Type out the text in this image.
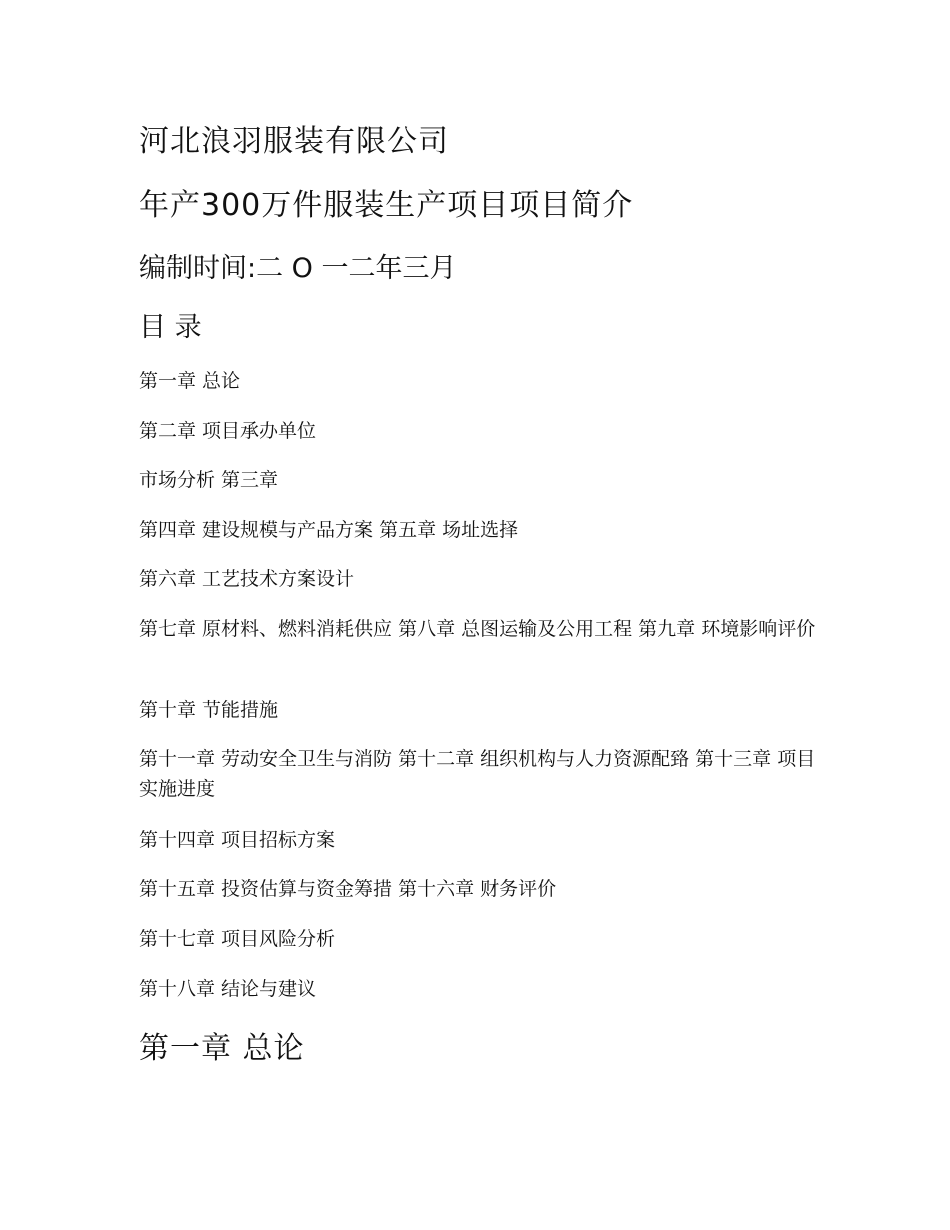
河北浪羽服装有限公司
年产300万件服装生产项目项目简介
编制时间:二 O 一二年三月
目 录
第一章 总论
第二章 项目承办单位
市场分析 第三章
第四章 建设规模与产品方案 第五章 场址选择
第六章 工艺技术方案设计
第七章 原材料、燃料消耗供应 第八章 总图运输及公用工程 第九章 环境影响评价
第十章 节能措施
第十一章 劳动安全卫生与消防 第十二章 组织机构与人力资源配臵 第十三章 项目实施进度
第十四章 项目招标方案
第十五章 投资估算与资金筹措 第十六章 财务评价
第十七章 项目风险分析
第十八章 结论与建议
第一章 总论
